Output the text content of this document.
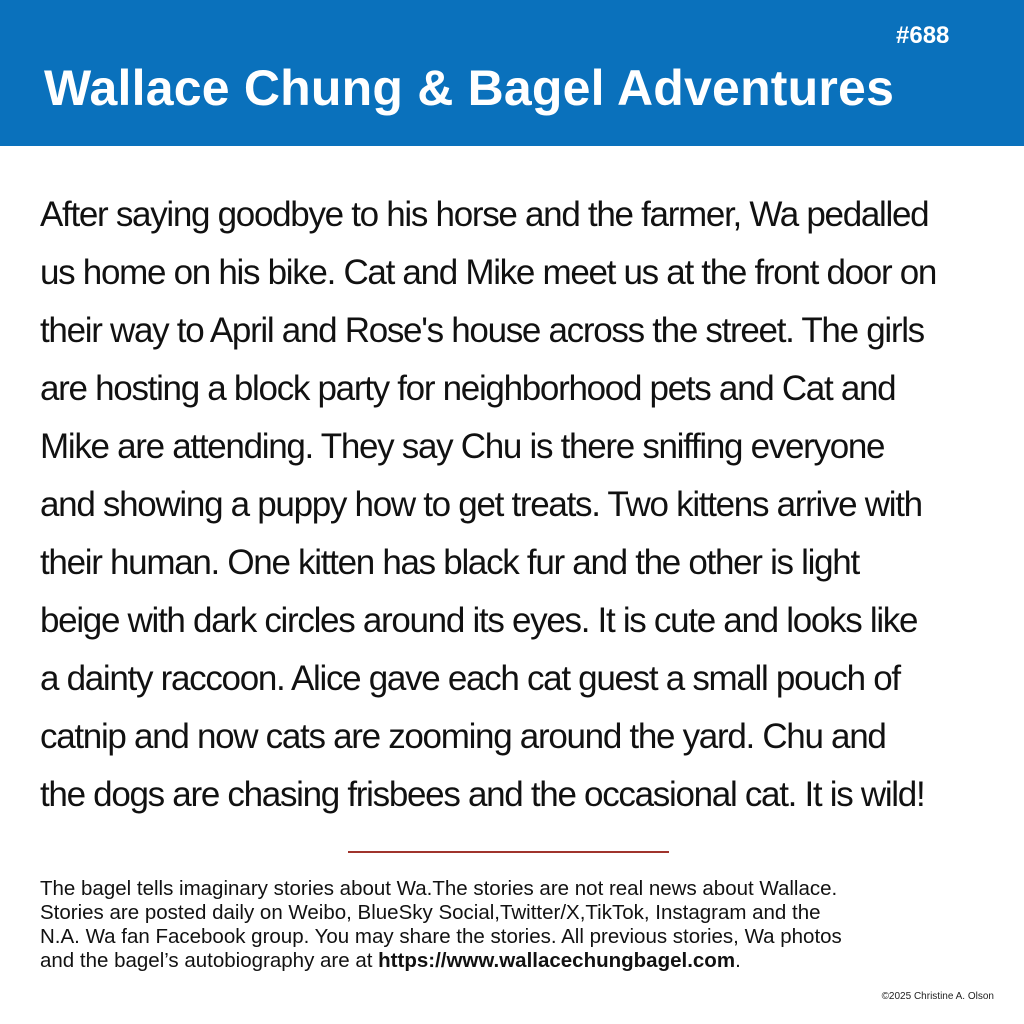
#688
Wallace Chung & Bagel Adventures
After saying goodbye to his horse and the farmer, Wa pedalled
us home on his bike. Cat and Mike meet us at the front door on
their way to April and Rose's house across the street. The girls
are hosting a block party for neighborhood pets and Cat and
Mike are attending. They say Chu is there sniffing everyone
and showing a puppy how to get treats. Two kittens arrive with
their human. One kitten has black fur and the other is light
beige with dark circles around its eyes. It is cute and looks like
a dainty raccoon. Alice gave each cat guest a small pouch of
catnip and now cats are zooming around the yard. Chu and
the dogs are chasing frisbees and the occasional cat. It is wild!
The bagel tells imaginary stories about Wa.The stories are not real news about Wallace.
Stories are posted daily on Weibo, BlueSky Social,Twitter/X,TikTok, Instagram and the
N.A. Wa fan Facebook group. You may share the stories. All previous stories, Wa photos
and the bagel’s autobiography are at https://www.wallacechungbagel.com.
©2025 Christine A. Olson
